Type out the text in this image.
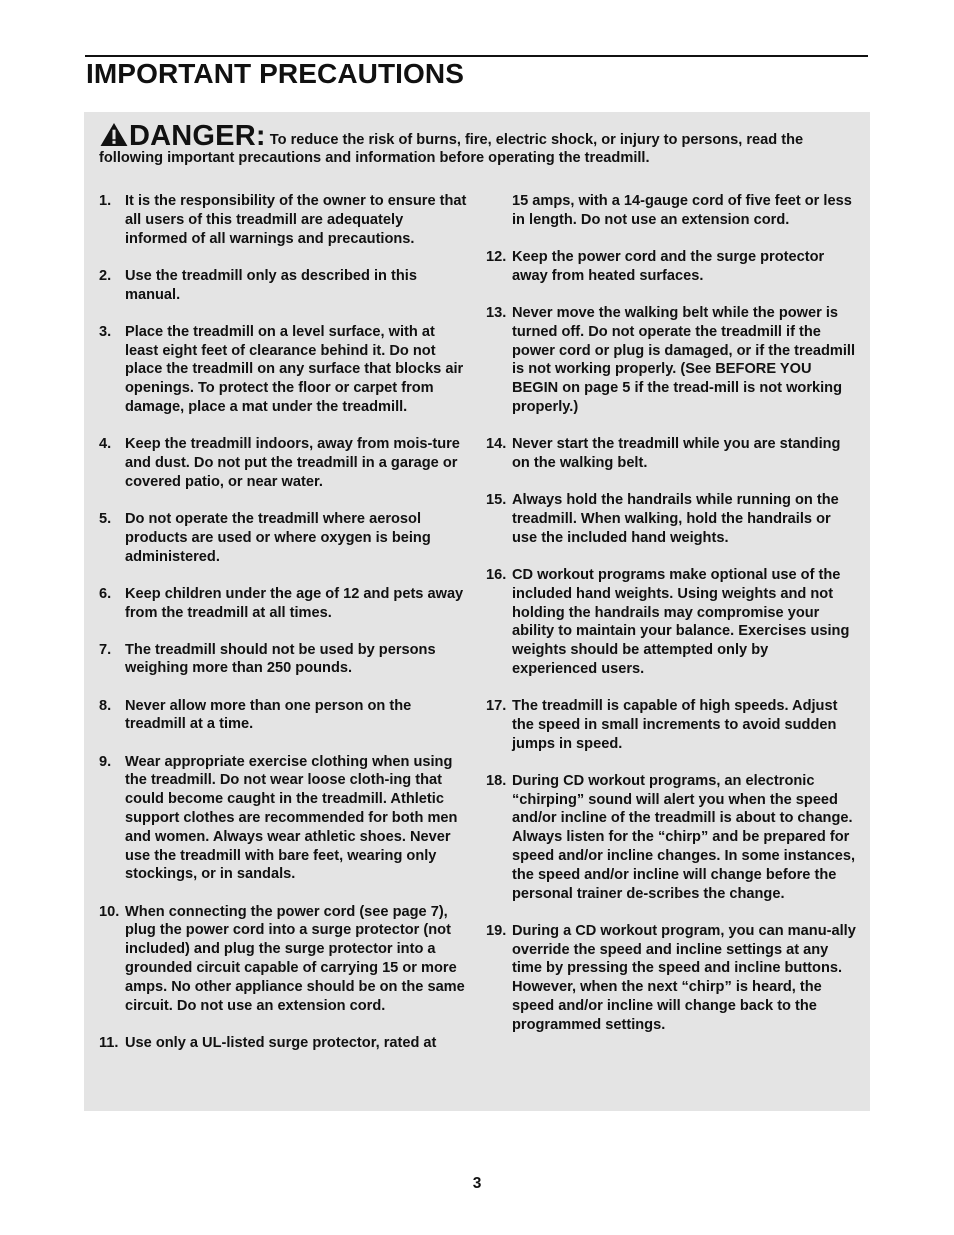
IMPORTANT PRECAUTIONS

DANGER: To reduce the risk of burns, fire, electric shock, or injury to persons, read the following important precautions and information before operating the treadmill.

1. It is the responsibility of the owner to ensure that all users of this treadmill are adequately informed of all warnings and precautions.
2. Use the treadmill only as described in this manual.
3. Place the treadmill on a level surface, with at least eight feet of clearance behind it. Do not place the treadmill on any surface that blocks air openings. To protect the floor or carpet from damage, place a mat under the treadmill.
4. Keep the treadmill indoors, away from mois-ture and dust. Do not put the treadmill in a garage or covered patio, or near water.
5. Do not operate the treadmill where aerosol products are used or where oxygen is being administered.
6. Keep children under the age of 12 and pets away from the treadmill at all times.
7. The treadmill should not be used by persons weighing more than 250 pounds.
8. Never allow more than one person on the treadmill at a time.
9. Wear appropriate exercise clothing when using the treadmill. Do not wear loose cloth-ing that could become caught in the treadmill. Athletic support clothes are recommended for both men and women. Always wear athletic shoes. Never use the treadmill with bare feet, wearing only stockings, or in sandals.
10. When connecting the power cord (see page 7), plug the power cord into a surge protector (not included) and plug the surge protector into a grounded circuit capable of carrying 15 or more amps. No other appliance should be on the same circuit. Do not use an extension cord.
11. Use only a UL-listed surge protector, rated at
15 amps, with a 14-gauge cord of five feet or less in length. Do not use an extension cord.
12. Keep the power cord and the surge protector away from heated surfaces.
13. Never move the walking belt while the power is turned off. Do not operate the treadmill if the power cord or plug is damaged, or if the treadmill is not working properly. (See BEFORE YOU BEGIN on page 5 if the tread-mill is not working properly.)
14. Never start the treadmill while you are standing on the walking belt.
15. Always hold the handrails while running on the treadmill. When walking, hold the handrails or use the included hand weights.
16. CD workout programs make optional use of the included hand weights. Using weights and not holding the handrails may compromise your ability to maintain your balance. Exercises using weights should be attempted only by experienced users.
17. The treadmill is capable of high speeds. Adjust the speed in small increments to avoid sudden jumps in speed.
18. During CD workout programs, an electronic “chirping” sound will alert you when the speed and/or incline of the treadmill is about to change. Always listen for the “chirp” and be prepared for speed and/or incline changes. In some instances, the speed and/or incline will change before the personal trainer de-scribes the change.
19. During a CD workout program, you can manu-ally override the speed and incline settings at any time by pressing the speed and incline buttons. However, when the next “chirp” is heard, the speed and/or incline will change back to the programmed settings.
3
